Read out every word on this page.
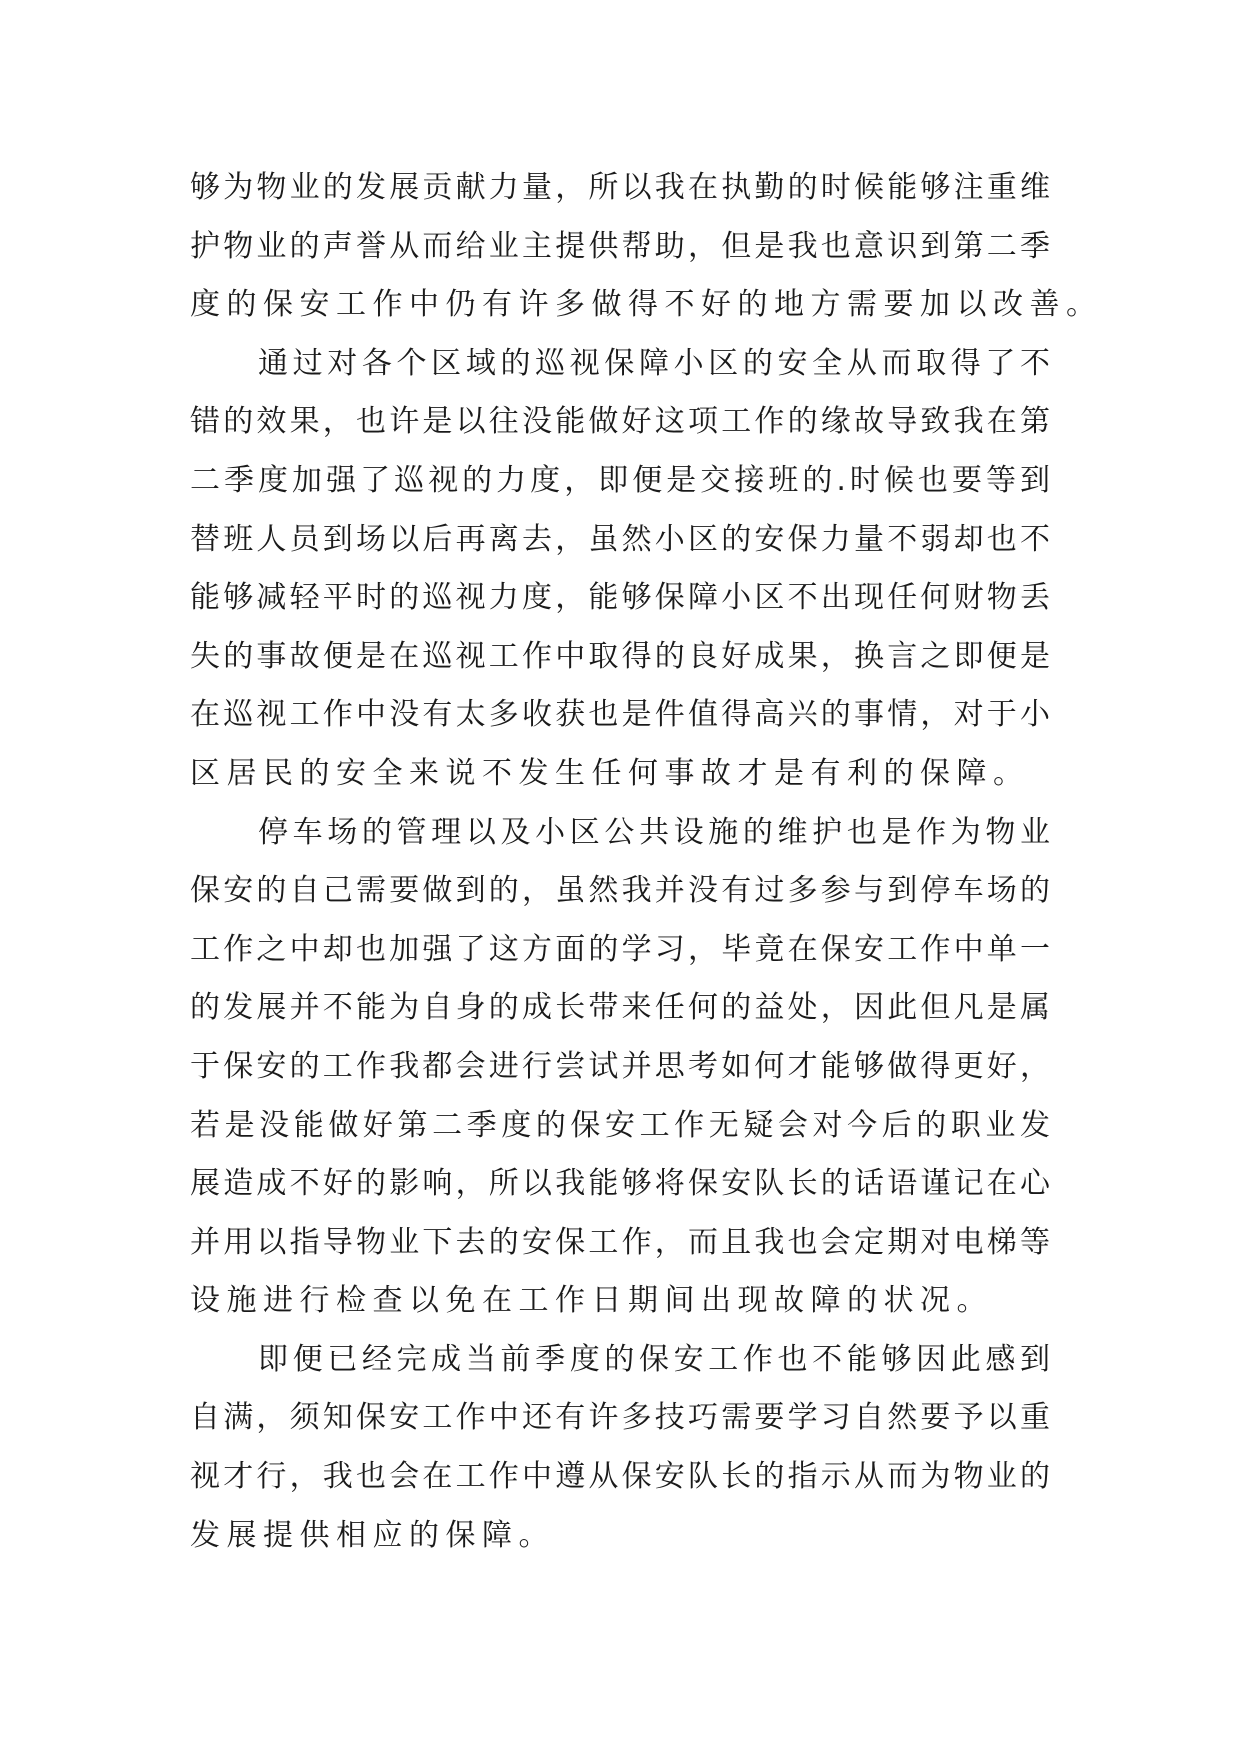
够为物业的发展贡献力量，所以我在执勤的时候能够注重维
护物业的声誉从而给业主提供帮助，但是我也意识到第二季
度的保安工作中仍有许多做得不好的地方需要加以改善。
通过对各个区域的巡视保障小区的安全从而取得了不
错的效果，也许是以往没能做好这项工作的缘故导致我在第
二季度加强了巡视的力度，即便是交接班的.时候也要等到
替班人员到场以后再离去，虽然小区的安保力量不弱却也不
能够减轻平时的巡视力度，能够保障小区不出现任何财物丢
失的事故便是在巡视工作中取得的良好成果，换言之即便是
在巡视工作中没有太多收获也是件值得高兴的事情，对于小
区居民的安全来说不发生任何事故才是有利的保障。
停车场的管理以及小区公共设施的维护也是作为物业
保安的自己需要做到的，虽然我并没有过多参与到停车场的
工作之中却也加强了这方面的学习，毕竟在保安工作中单一
的发展并不能为自身的成长带来任何的益处，因此但凡是属
于保安的工作我都会进行尝试并思考如何才能够做得更好，
若是没能做好第二季度的保安工作无疑会对今后的职业发
展造成不好的影响，所以我能够将保安队长的话语谨记在心
并用以指导物业下去的安保工作，而且我也会定期对电梯等
设施进行检查以免在工作日期间出现故障的状况。
即便已经完成当前季度的保安工作也不能够因此感到
自满，须知保安工作中还有许多技巧需要学习自然要予以重
视才行，我也会在工作中遵从保安队长的指示从而为物业的
发展提供相应的保障。
